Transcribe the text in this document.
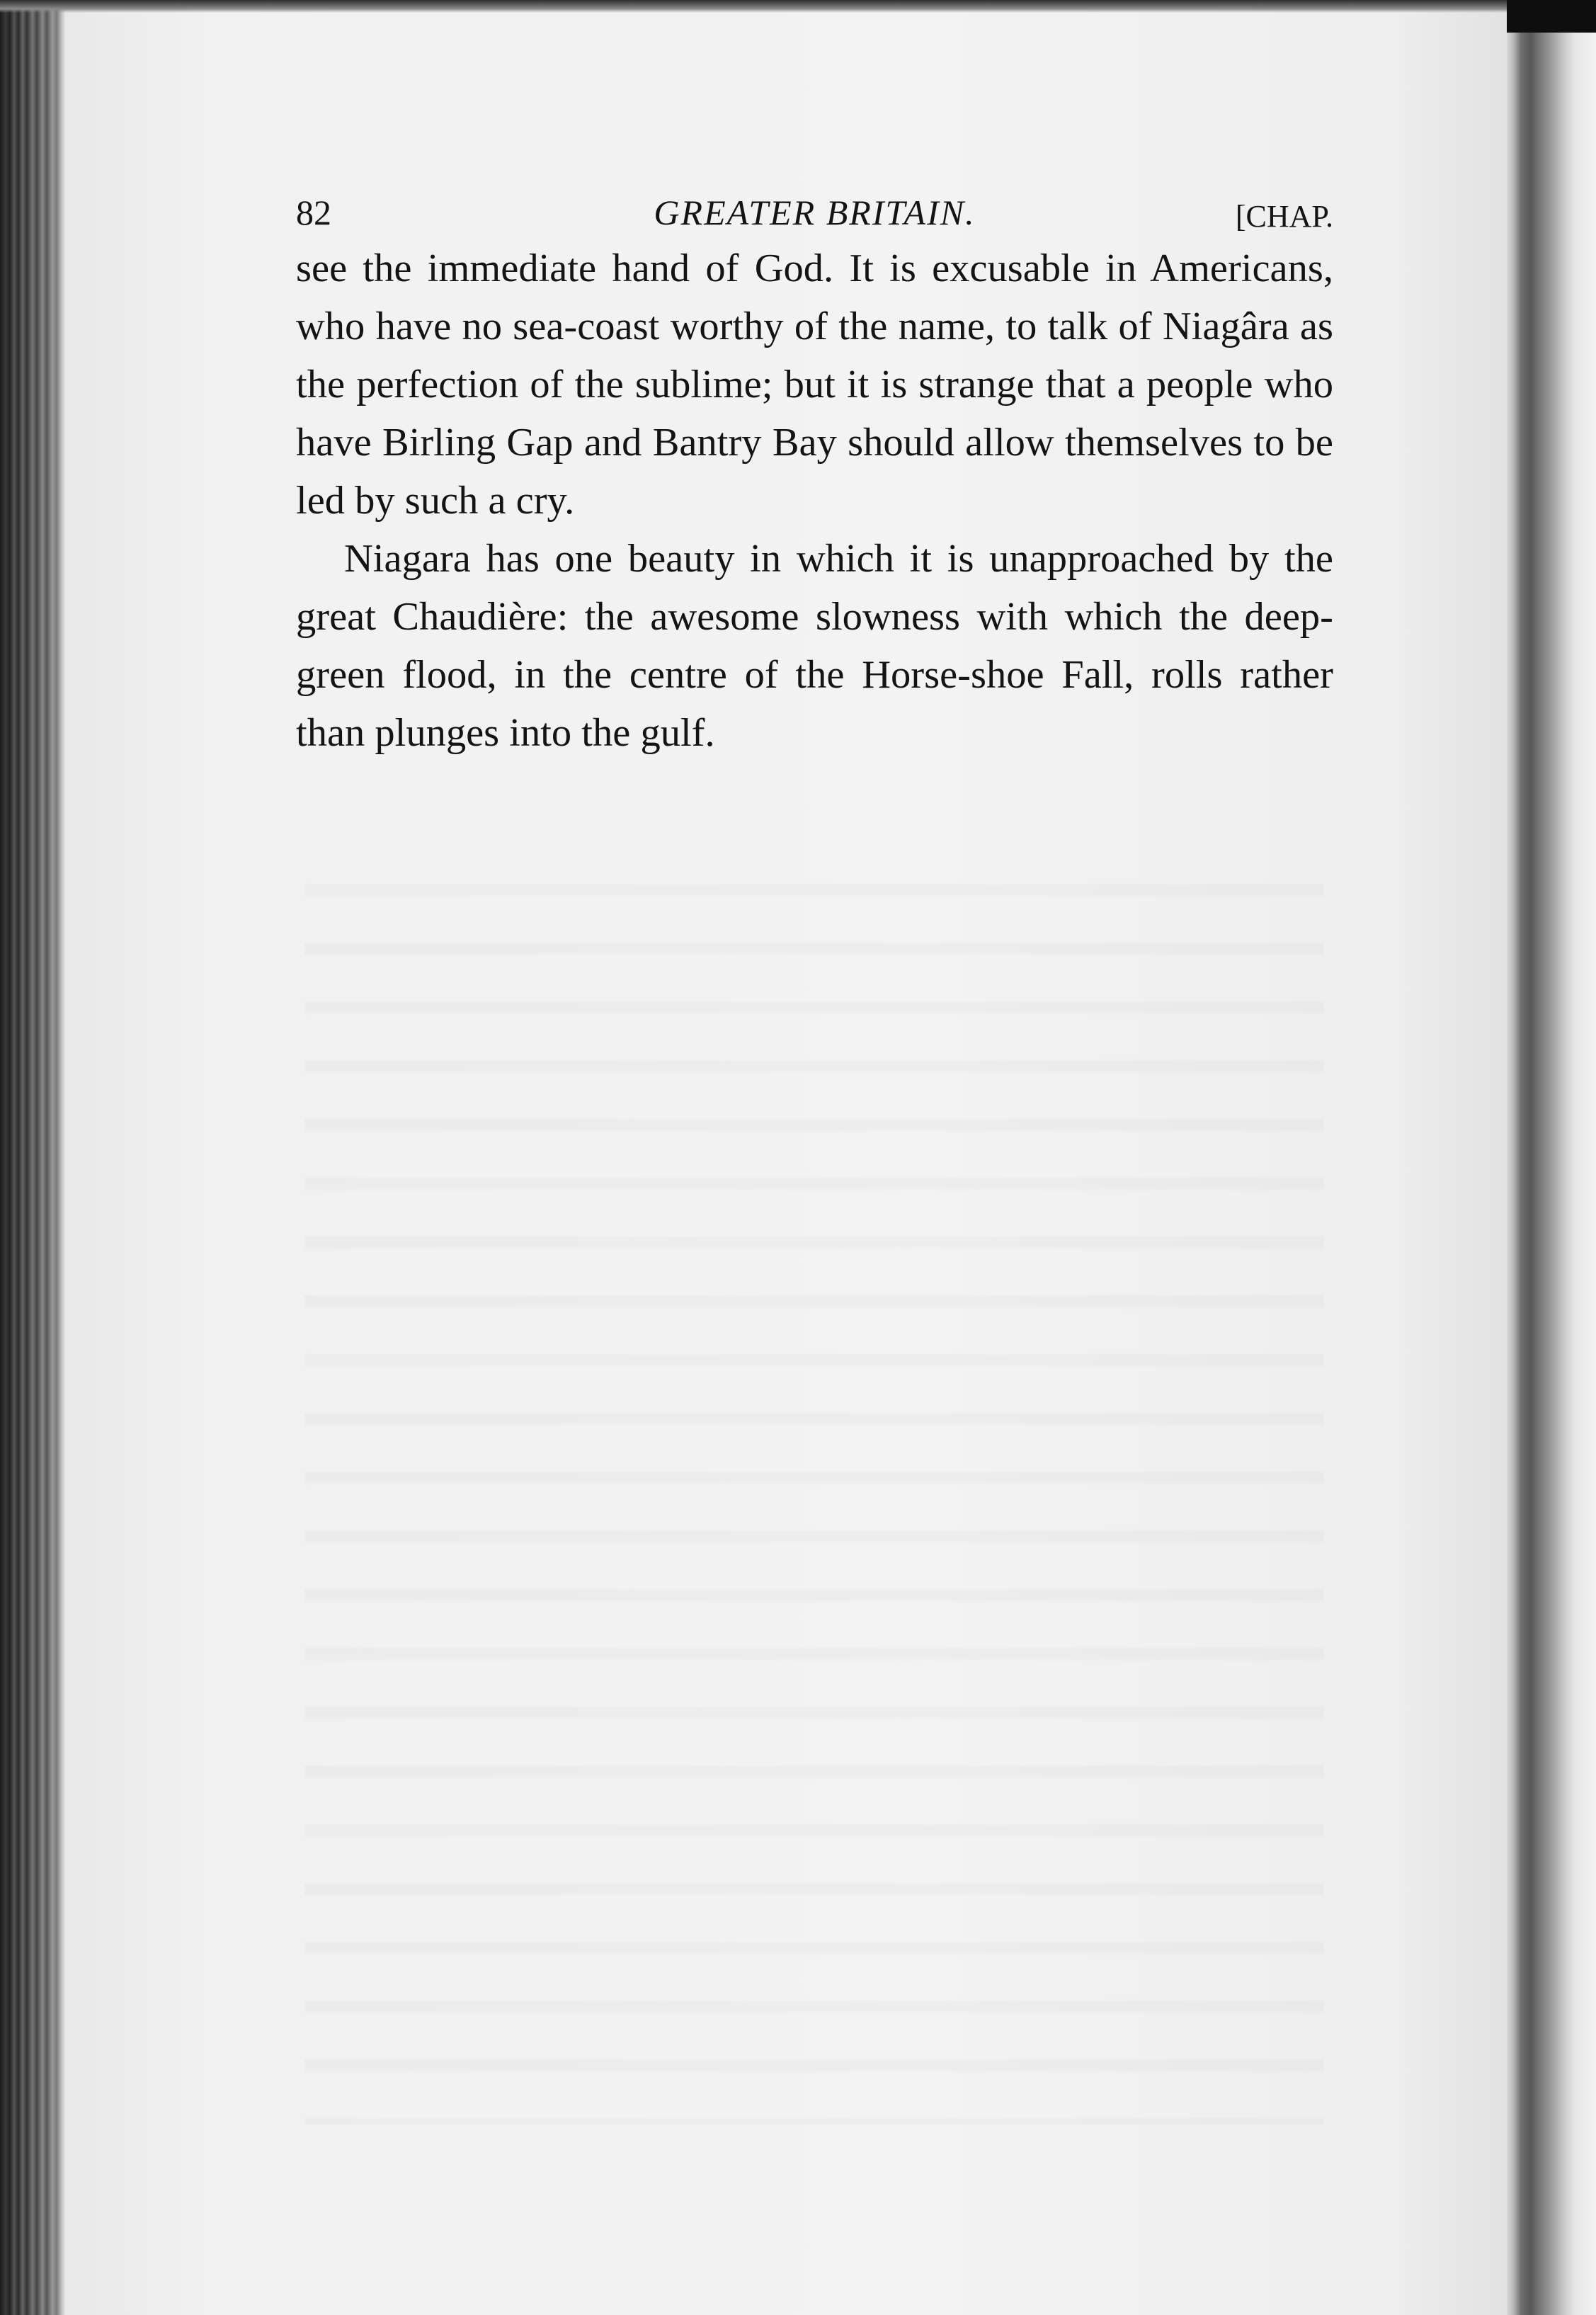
82	GREATER BRITAIN.	[CHAP.

see the immediate hand of God. It is excusable in Americans, who have no sea-coast worthy of the name, to talk of Niagâra as the perfection of the sublime; but it is strange that a people who have Birling Gap and Bantry Bay should allow themselves to be led by such a cry.

Niagara has one beauty in which it is unapproached by the great Chaudière: the awesome slowness with which the deep-green flood, in the centre of the Horse-shoe Fall, rolls rather than plunges into the gulf.
